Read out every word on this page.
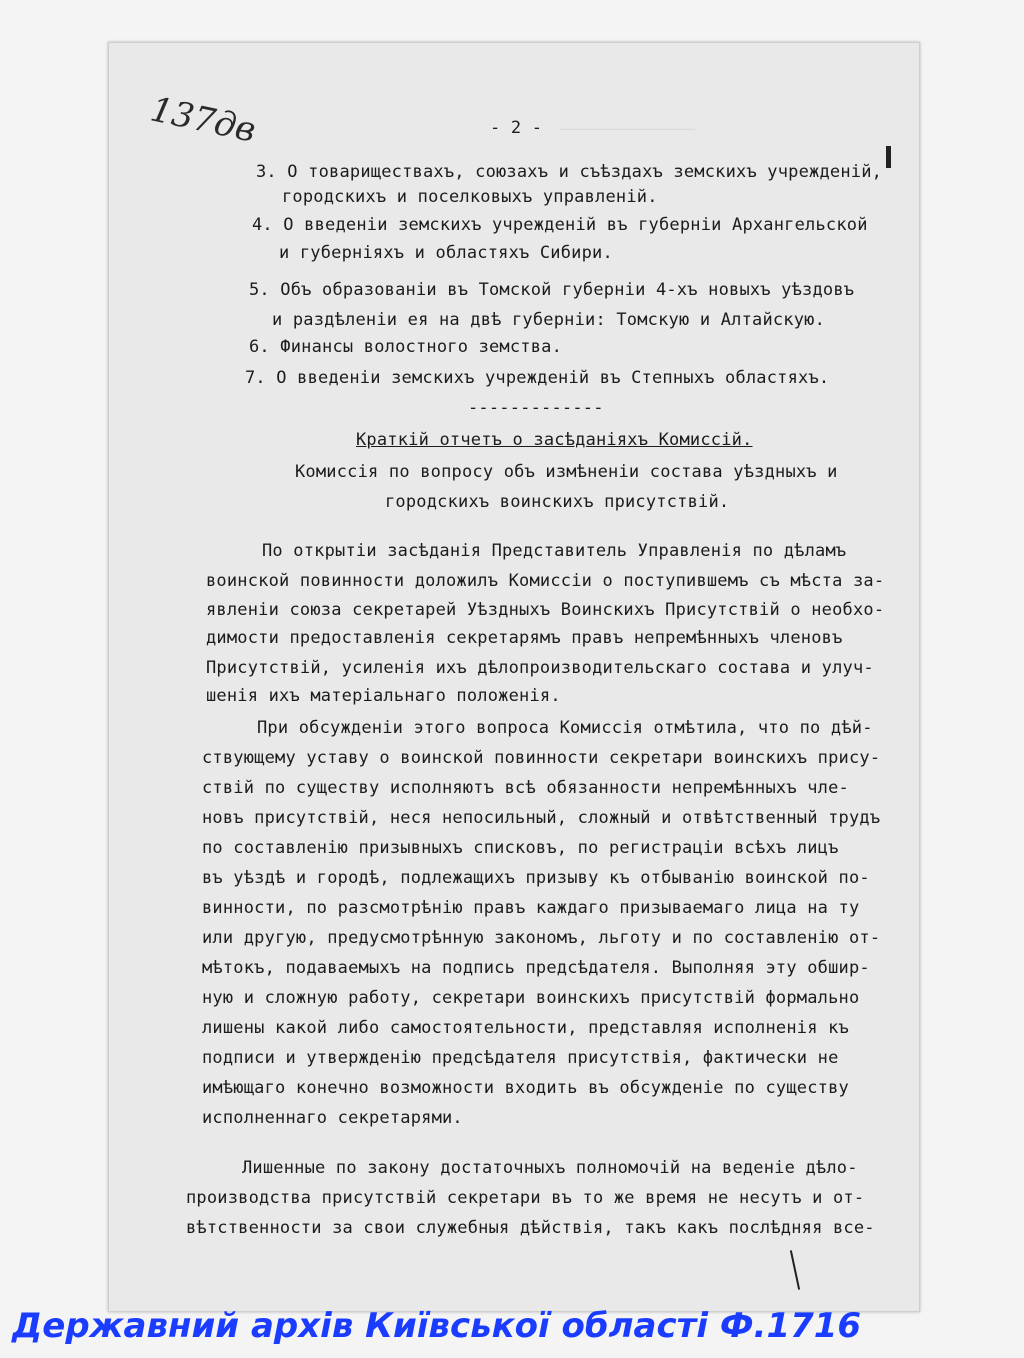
──────────────
137дв	- 2 -
3. О товариществахъ, союзахъ и съѣздахъ земскихъ учрежденій,
городскихъ и поселковыхъ управленій.
4. О введеніи земскихъ учрежденій въ губерніи Архангельской
и губерніяхъ и областяхъ Сибири.
5. Объ образованіи въ Томской губерніи 4-хъ новыхъ уѣздовъ
и раздѣленіи ея на двѣ губерніи: Томскую и Алтайскую.
6. Финансы волостного земства.
7. О введеніи земскихъ учрежденій въ Степныхъ областяхъ.
-------------
Краткій отчетъ о засѣданіяхъ Комиссій.
Комиссія по вопросу объ измѣненіи состава уѣздныхъ и
городскихъ воинскихъ присутствій.
По открытіи засѣданія Представитель Управленія по дѣламъ
воинской повинности доложилъ Комиссіи о поступившемъ съ мѣста за-
явленіи союза секретарей Уѣздныхъ Воинскихъ Присутствій о необхо-
димости предоставленія секретарямъ правъ непремѣнныхъ членовъ
Присутствій, усиленія ихъ дѣлопроизводительскаго состава и улуч-
шенія ихъ матеріальнаго положенія.
При обсужденіи этого вопроса Комиссія отмѣтила, что по дѣй-
ствующему уставу о воинской повинности секретари воинскихъ прису-
ствій по существу исполняютъ всѣ обязанности непремѣнныхъ чле-
новъ присутствій, неся непосильный, сложный и отвѣтственный трудъ
по составленію призывныхъ списковъ, по регистраціи всѣхъ лицъ
въ уѣздѣ и городѣ, подлежащихъ призыву къ отбыванію воинской по-
винности, по разсмотрѣнію правъ каждаго призываемаго лица на ту
или другую, предусмотрѣнную закономъ, льготу и по составленію от-
мѣтокъ, подаваемыхъ на подпись предсѣдателя. Выполняя эту обшир-
ную и сложную работу, секретари воинскихъ присутствій формально
лишены какой либо самостоятельности, представляя исполненія къ
подписи и утвержденію предсѣдателя присутствія, фактически не
имѣющаго конечно возможности входить въ обсужденіе по существу
исполненнаго секретарями.
Лишенные по закону достаточныхъ полномочій на веденіе дѣло-
производства присутствій секретари въ то же время не несутъ и от-
вѣтственности за свои служебныя дѣйствія, такъ какъ послѣдняя все-
Державний архів Київської області Ф.1716
